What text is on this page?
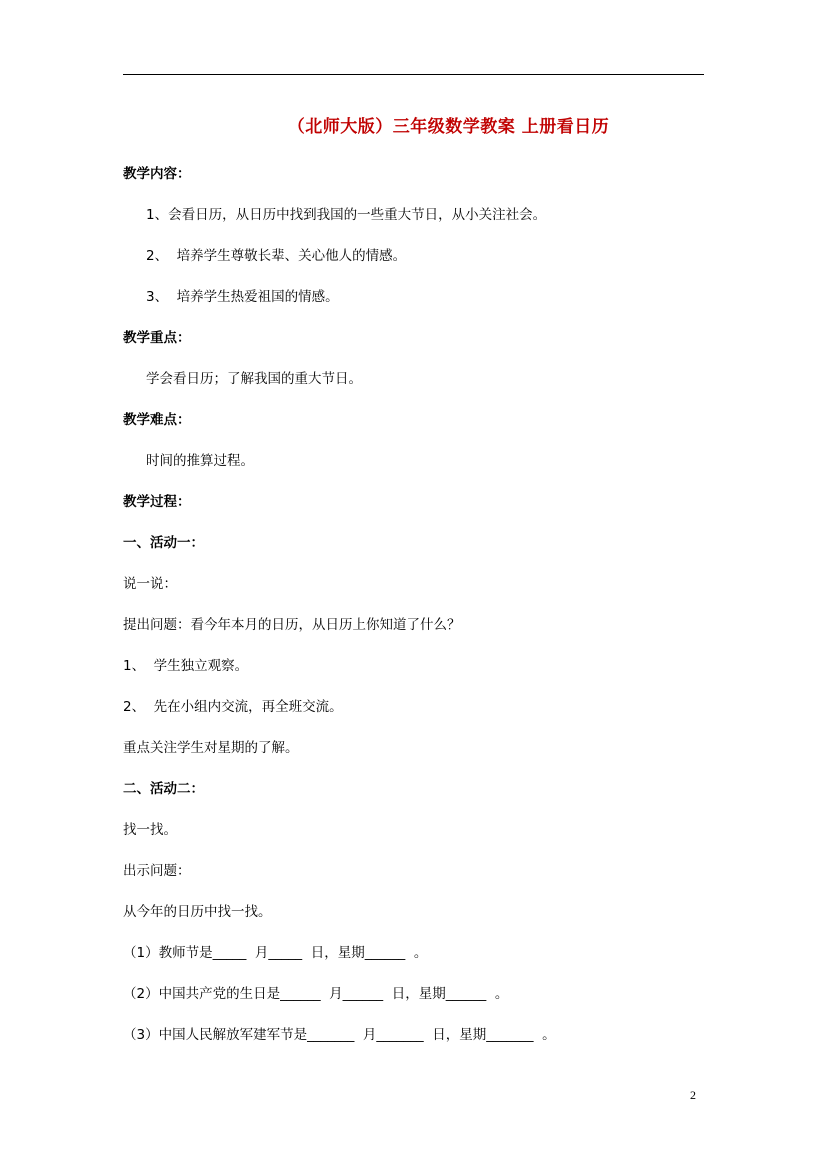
（北师大版）三年级数学教案 上册看日历
教学内容：
1、会看日历，从日历中找到我国的一些重大节日，从小关注社会。
2、  培养学生尊敬长辈、关心他人的情感。
3、  培养学生热爱祖国的情感。
教学重点：
学会看日历；了解我国的重大节日。
教学难点：
时间的推算过程。
教学过程：
一、活动一：
说一说：
提出问题：看今年本月的日历，从日历上你知道了什么？
1、  学生独立观察。
2、  先在小组内交流，再全班交流。
重点关注学生对星期的了解。
二、活动二：
找一找。
出示问题：
从今年的日历中找一找。
（1）教师节是_____  月_____  日，星期______  。
（2）中国共产党的生日是______  月______  日，星期______  。
（3）中国人民解放军建军节是_______  月_______  日，星期_______  。
2
